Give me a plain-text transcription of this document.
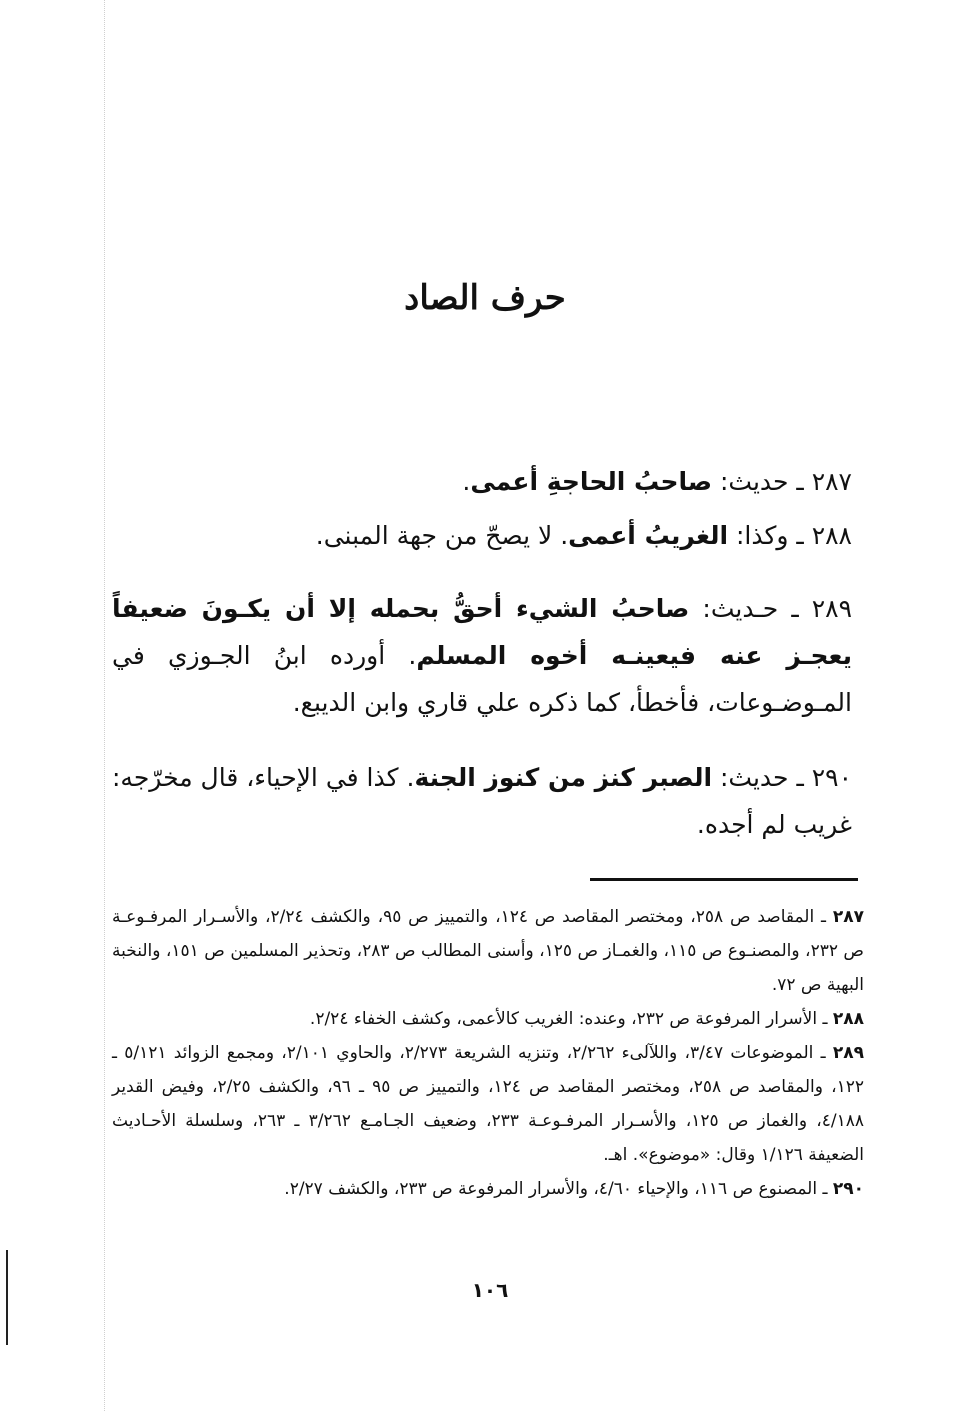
حرف الصاد
٢٨٧ ـ حديث: صاحبُ الحاجةِ أعمى.
٢٨٨ ـ وكذا: الغريبُ أعمى. لا يصحّ من جهة المبنى.
٢٨٩ ـ حـديث: صاحبُ الشيء أحقُّ بحمله إلا أن يكـونَ ضعيفاً يعجـز عنه فيعينـه أخوه المسلم. أورده ابنُ الجـوزي في المـوضـوعات، فأخطأ، كما ذكره علي قاري وابن الديبع.
٢٩٠ ـ حديث: الصبر كنز من كنوز الجنة. كذا في الإحياء، قال مخرّجه: غريب لم أجده.

٢٨٧ ـ المقاصد ص ٢٥٨، ومختصر المقاصد ص ١٢٤، والتمييز ص ٩٥، والكشف ٢/٢٤، والأسـرار المرفـوعـة ص ٢٣٢، والمصنـوع ص ١١٥، والغمـاز ص ١٢٥، وأسنى المطالب ص ٢٨٣، وتحذير المسلمين ص ١٥١، والنخبة البهية ص ٧٢.

٢٨٨ ـ الأسرار المرفوعة ص ٢٣٢، وعنده: الغريب كالأعمى، وكشف الخفاء ٢/٢٤.

٢٨٩ ـ الموضوعات ٣/٤٧، واللآلىء ٢/٢٦٢، وتنزيه الشريعة ٢/٢٧٣، والحاوي ٢/١٠١، ومجمع الزوائد ٥/١٢١ ـ ١٢٢، والمقاصد ص ٢٥٨، ومختصر المقاصد ص ١٢٤، والتمييز ص ٩٥ ـ ٩٦، والكشف ٢/٢٥، وفيض القدير ٤/١٨٨، والغماز ص ١٢٥، والأسـرار المرفـوعـة ٢٣٣، وضعيف الجـامـع ٣/٢٦٢ ـ ٢٦٣، وسلسلة الأحـاديث الضعيفة ١/١٢٦ وقال: «موضوع». اهـ.

٢٩٠ ـ المصنوع ص ١١٦، والإحياء ٤/٦٠، والأسرار المرفوعة ص ٢٣٣، والكشف ٢/٢٧.

١٠٦
